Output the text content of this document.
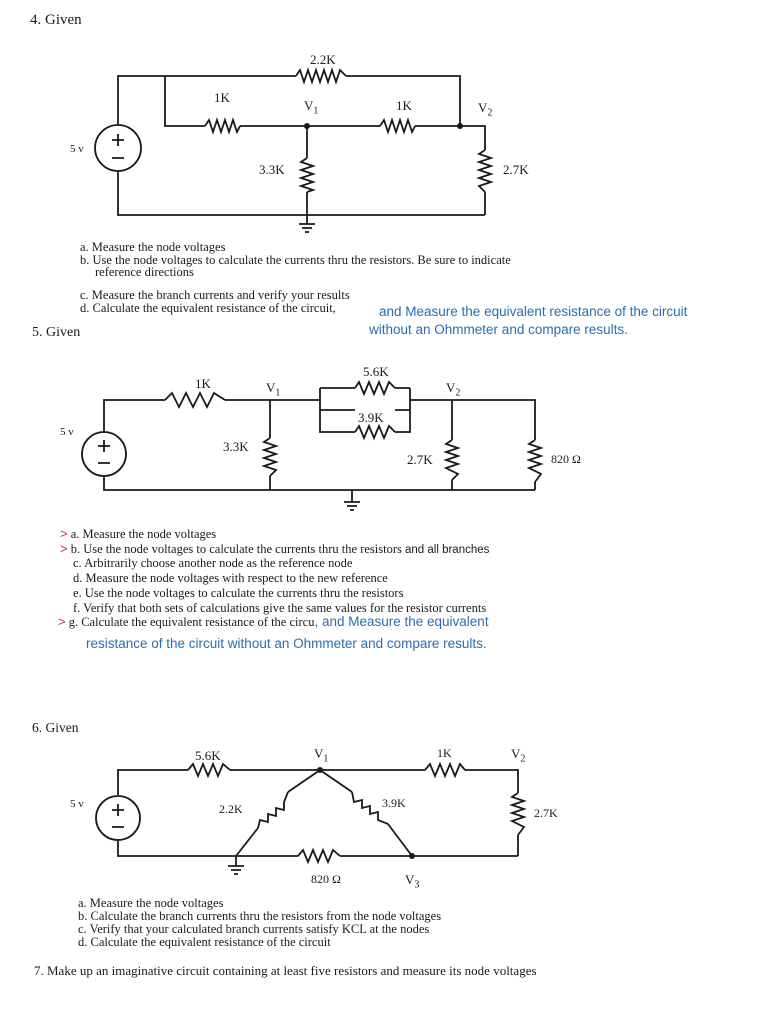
4. Given
2.2K
1K
$V_1$	1K	$V_2$
5 v
3.3K	2.7K
a. Measure the node voltages
b. Use the node voltages to calculate the currents thru the resistors. Be sure to indicate
reference directions
c. Measure the branch currents and verify your results
d. Calculate the equivalent resistance of the circuit,	and Measure the equivalent resistance of the circuit
without an Ohmmeter and compare results.
5. Given
1K	$V_1$
5.6K
3.9K
$V_2$
5 v
3.3K
2.7K	820 Ω
> a. Measure the node voltages
> b. Use the node voltages to calculate the currents thru the resistors and all branches
c. Arbitrarily choose another node as the reference node
d. Measure the node voltages with respect to the new reference
e. Use the node voltages to calculate the currents thru the resistors
f. Verify that both sets of calculations give the same values for the resistor currents
> g. Calculate the equivalent resistance of the circu, and Measure the equivalent
resistance of the circuit without an Ohmmeter and compare results.
6. Given
5.6K	$V_1$	1K	$V_2$
5 v	2.2K	3.9K
2.7K
820 Ω	$V_3$
a. Measure the node voltages
b. Calculate the branch currents thru the resistors from the node voltages
c. Verify that your calculated branch currents satisfy KCL at the nodes
d. Calculate the equivalent resistance of the circuit
7. Make up an imaginative circuit containing at least five resistors and measure its node voltages
